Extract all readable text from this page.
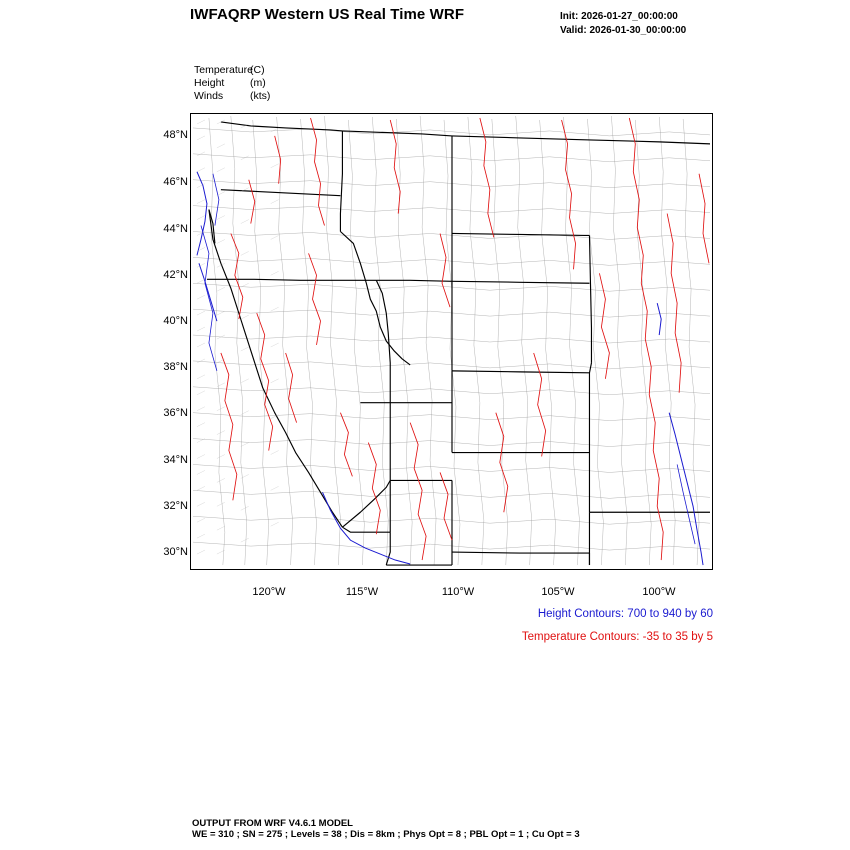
IWFAQRP Western US Real Time WRF	Init: 2026-01-27_00:00:00
Valid: 2026-01-30_00:00:00
Temperature(C)
Height (m)
Winds	(kts)
48°N
46°N
44°N
42°N
40°N
38°N
36°N
34°N
32°N
30°N
120°W	115°W	110°W	105°W	100°W
Height Contours: 700 to 940 by 60
Temperature Contours: -35 to 35 by 5
OUTPUT FROM WRF V4.6.1 MODEL
WE = 310 ; SN = 275 ; Levels = 38 ; Dis = 8km ; Phys Opt = 8 ; PBL Opt = 1 ; Cu Opt = 3
